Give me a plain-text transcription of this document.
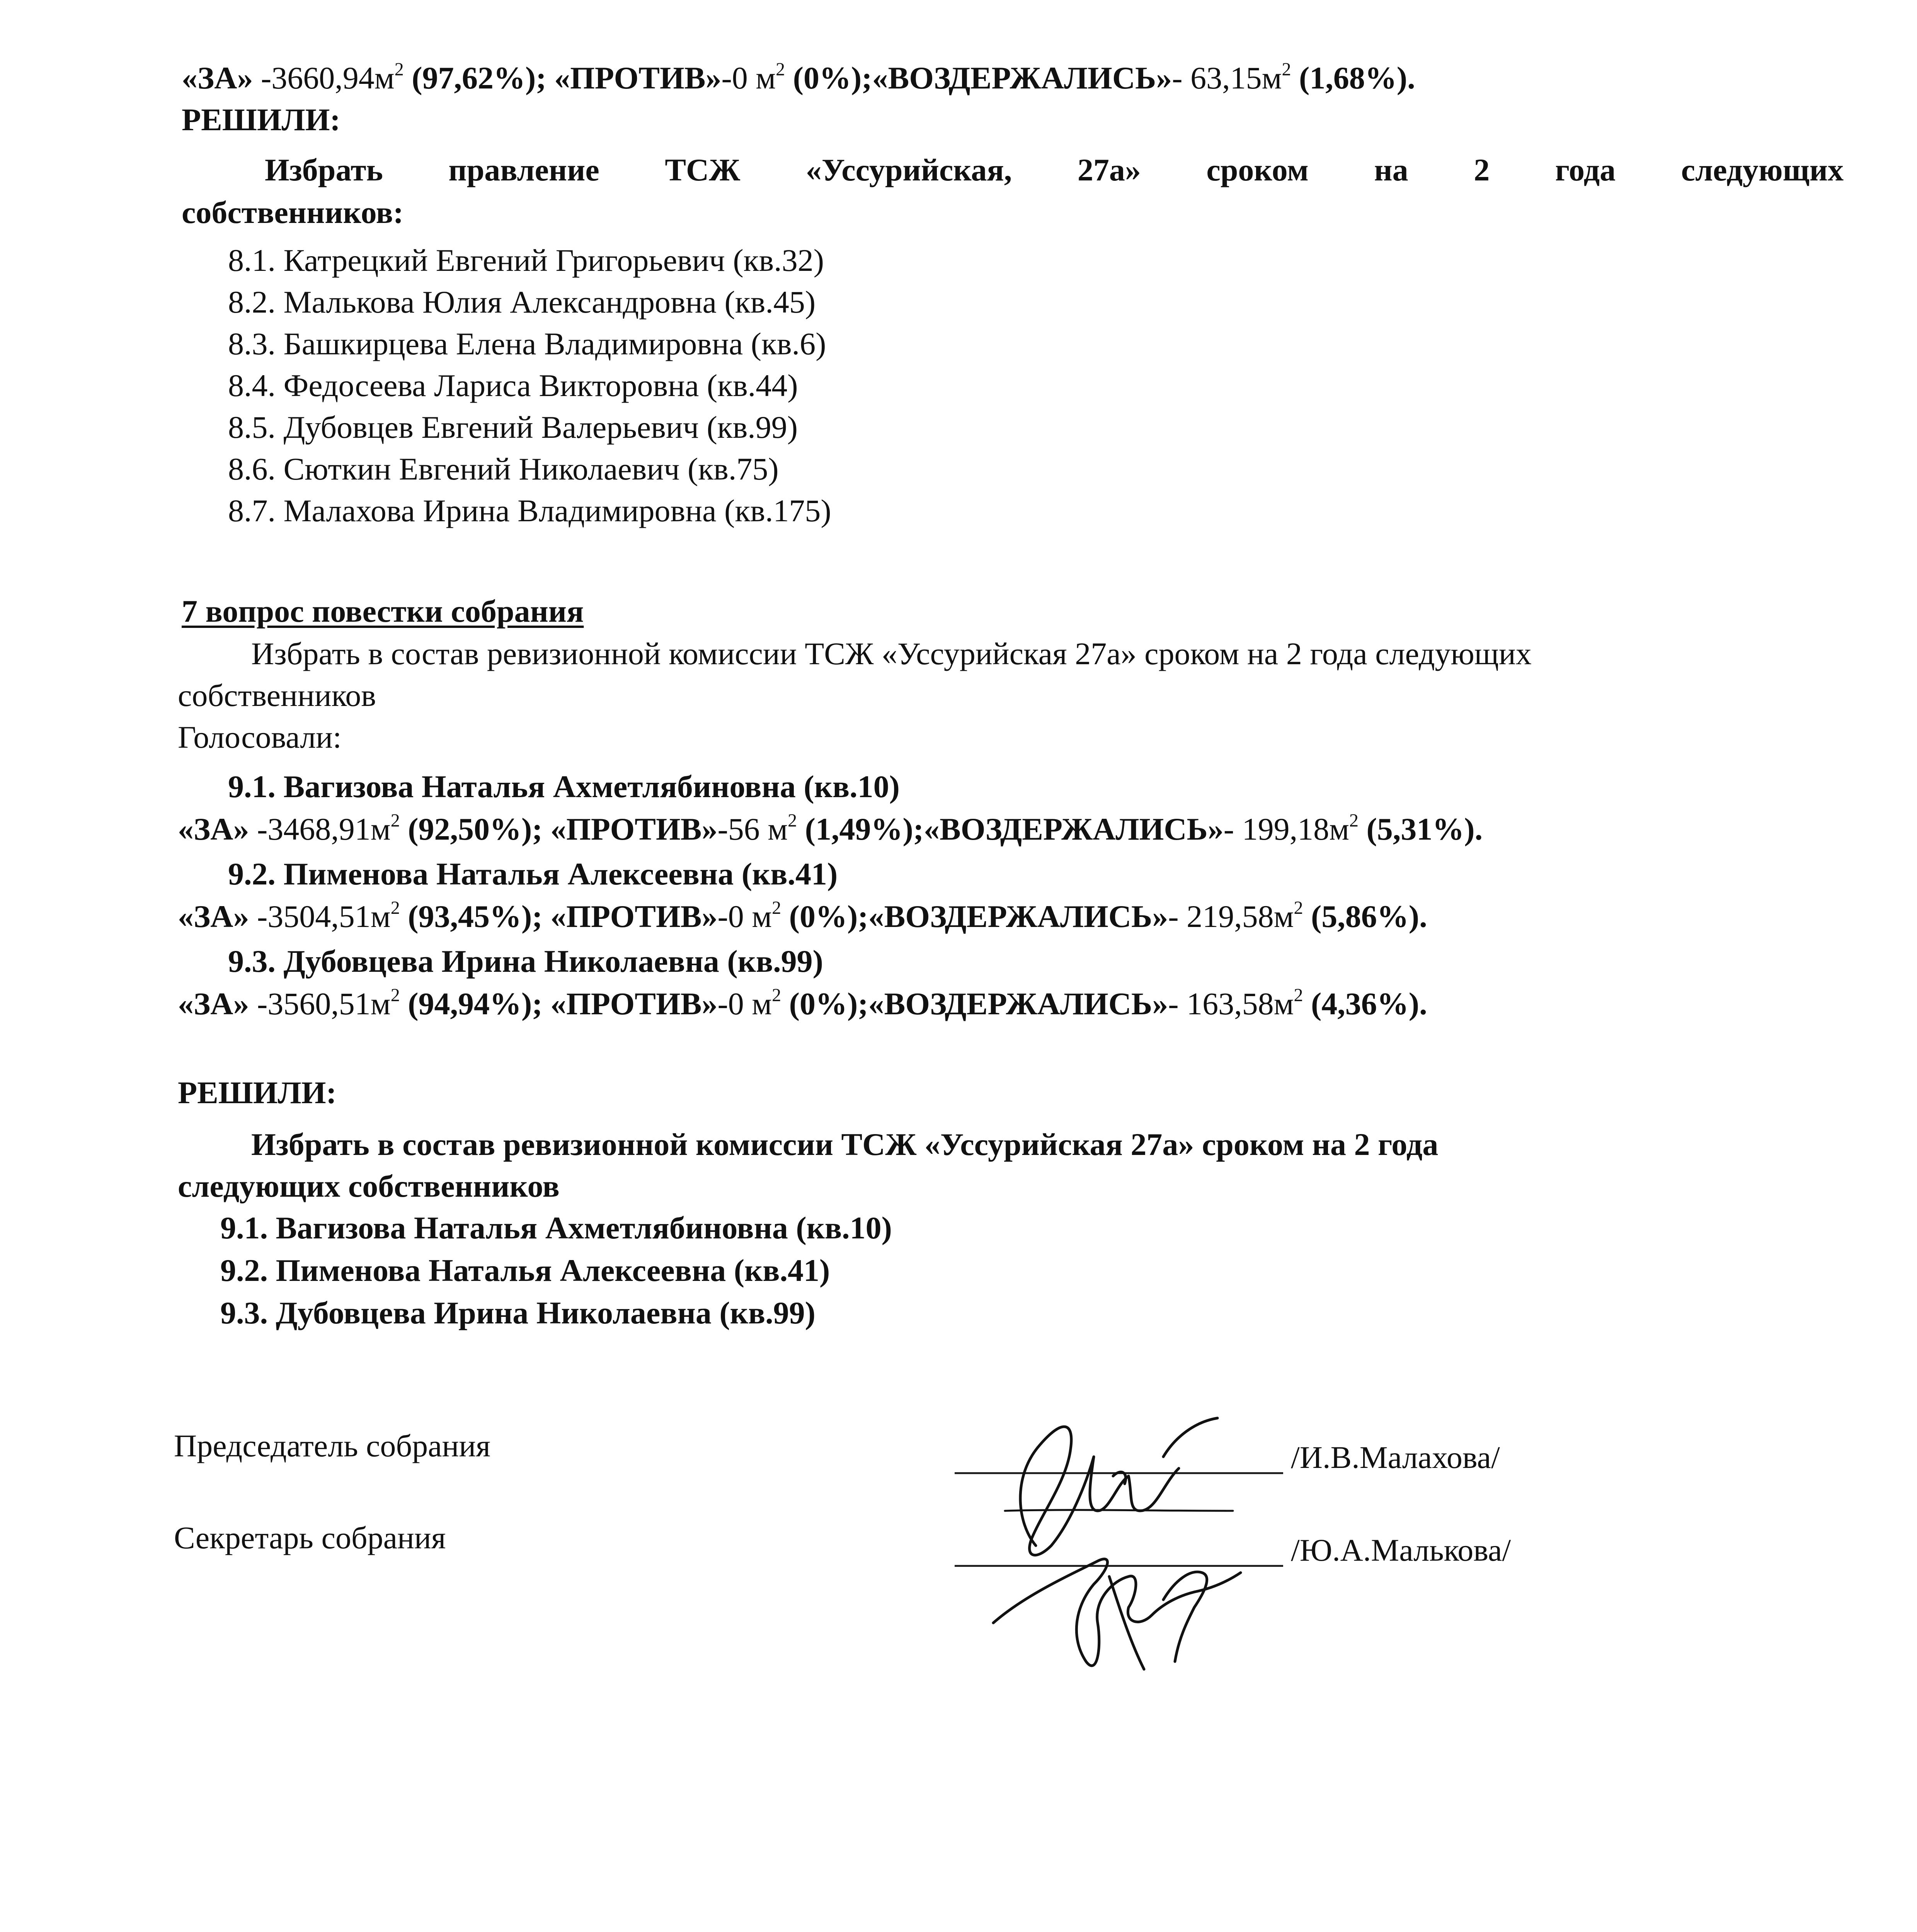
«ЗА» $-3660,94м^2$ (97,62%); «ПРОТИВ»-0 $м^2$ (0%);«ВОЗДЕРЖАЛИСЬ»- $63,15м^2$ (1,68%).
РЕШИЛИ:
Избрать правление ТСЖ «Уссурийская, 27а» сроком на 2 года следующих
собственников:
8.1. Катрецкий Евгений Григорьевич (кв.32)
8.2. Малькова Юлия Александровна (кв.45)
8.3. Башкирцева Елена Владимировна (кв.6)
8.4. Федосеева Лариса Викторовна (кв.44)
8.5. Дубовцев Евгений Валерьевич (кв.99)
8.6. Сюткин Евгений Николаевич (кв.75)
8.7. Малахова Ирина Владимировна (кв.175)
7 вопрос повестки собрания
Избрать в состав ревизионной комиссии ТСЖ «Уссурийская 27а» сроком на 2 года следующих
собственников
Голосовали:
9.1. Вагизова Наталья Ахметлябиновна (кв.10)
«ЗА» $-3468,91м^2$ (92,50%); «ПРОТИВ»-56 $м^2$ (1,49%);«ВОЗДЕРЖАЛИСЬ»- $199,18м^2$ (5,31%).
9.2. Пименова Наталья Алексеевна (кв.41)
«ЗА» $-3504,51м^2$ (93,45%); «ПРОТИВ»-0 $м^2$ (0%);«ВОЗДЕРЖАЛИСЬ»- $219,58м^2$ (5,86%).
9.3. Дубовцева Ирина Николаевна (кв.99)
«ЗА» $-3560,51м^2$ (94,94%); «ПРОТИВ»-0 $м^2$ (0%);«ВОЗДЕРЖАЛИСЬ»- $163,58м^2$ (4,36%).
РЕШИЛИ:
Избрать в состав ревизионной комиссии ТСЖ «Уссурийская 27а» сроком на 2 года
следующих собственников
9.1. Вагизова Наталья Ахметлябиновна (кв.10)
9.2. Пименова Наталья Алексеевна (кв.41)
9.3. Дубовцева Ирина Николаевна (кв.99)
Председатель собрания	/И.В.Малахова/
Секретарь собрания	/Ю.А.Малькова/
